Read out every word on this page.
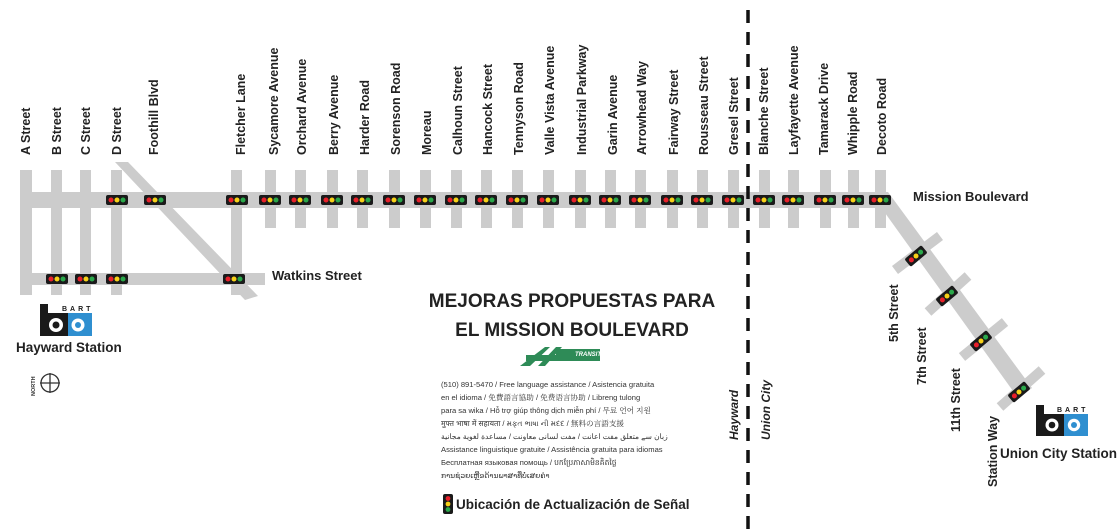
A Street B Street C Street D Street Foothill Blvd	Fletcher Lane Sycamore Avenue Orchard Avenue Berry Avenue Harder Road Sorenson Road Moreau Calhoun Street Hancock Street Tennyson Road Valle Vista Avenue Industrial Parkway Garin Avenue Arrowhead Way Fairway Street Rousseau Street Gresel Street Blanche Street Layfayette Avenue Tamarack Drive Whipple Road Decoto Road
Mission Boulevard
Watkins Street
5th Street
7th Street
11th Street
Station Way
Hayward Union City
BART
Hayward Station
NORTH
MEJORAS PROPUESTAS PARA
EL MISSION BOULEVARD
TRANSIT
(510) 891-5470 / Free language assistance / Asistencia gratuita
en el idioma / 免費語言協助 / 免费语言协助 / Libreng tulong
para sa wika / Hỗ trợ giúp thông dịch miễn phí / 무료 언어 지원
मुफ्त भाषा में सहायता / મફત ભાષા ની મદદ / 無料の言語支援
زبان سے متعلق مفت اعانت / مفت لسانی معاونت / مساعدة لغوية مجانية
Assistance linguistique gratuite / Assistência gratuita para idiomas
Бесплатная языковая помощь / បកប្រែភាសាមិនគិតថ្លៃ
ການຊ່ວຍເຫຼືອດ້ານພາສາທີ່ບໍ່ເສຍຄ່າ
Ubicación de Actualización de Señal
BART
Union City Station
